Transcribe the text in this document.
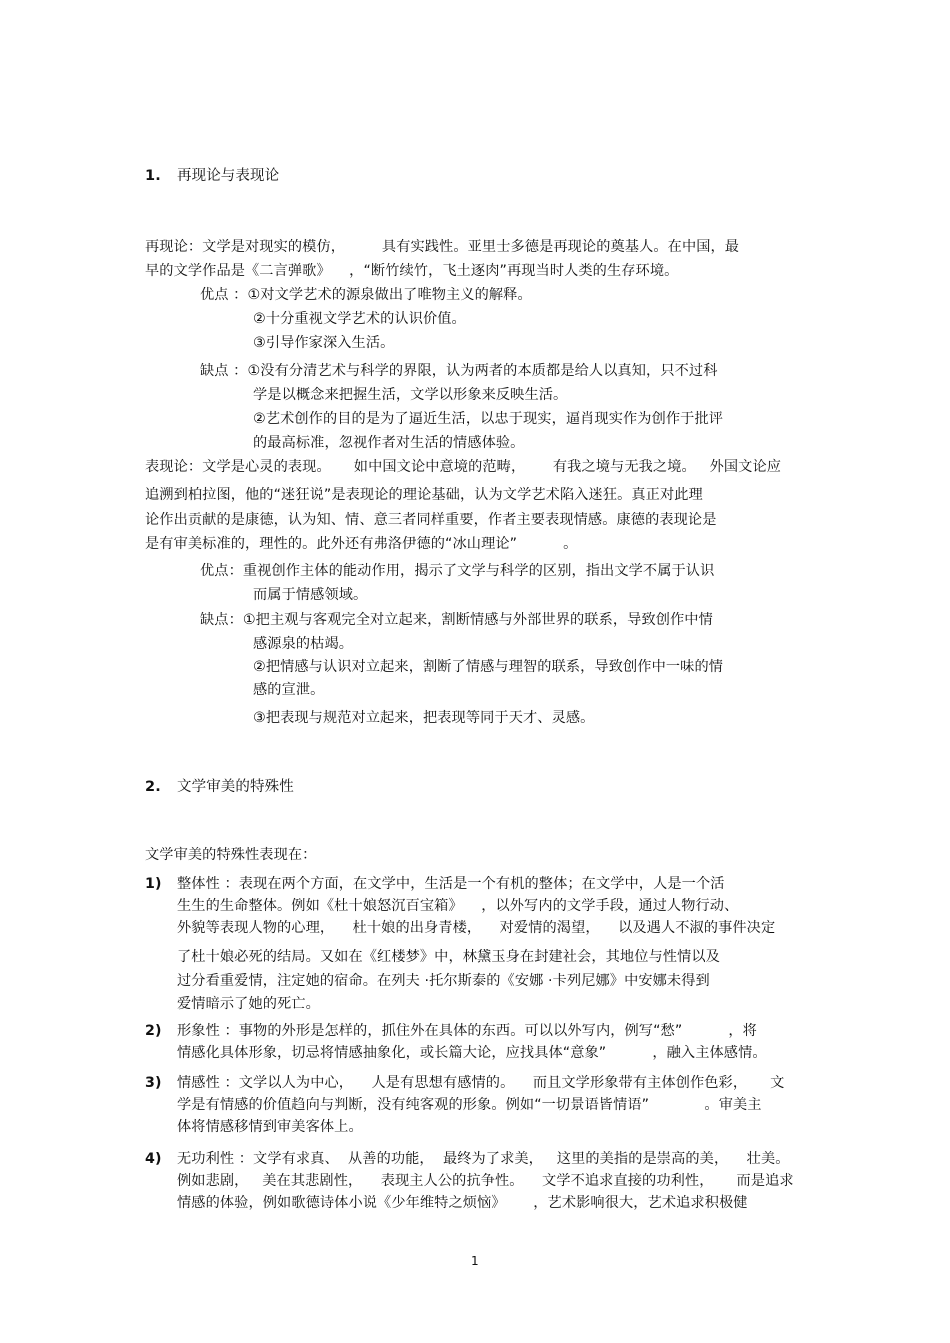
1. 再现论与表现论
再现论：文学是对现实的模仿，        具有实践性。亚里士多德是再现论的奠基人。在中国，最
早的文学作品是《二言弹歌》    ，“断竹续竹，飞土逐肉”再现当时人类的生存环境。
优点 ：①对文学艺术的源泉做出了唯物主义的解释。
②十分重视文学艺术的认识价值。
③引导作家深入生活。
缺点 ：①没有分清艺术与科学的界限，认为两者的本质都是给人以真知，只不过科
学是以概念来把握生活，文学以形象来反映生活。
②艺术创作的目的是为了逼近生活，以忠于现实，逼肖现实作为创作于批评
的最高标准，忽视作者对生活的情感体验。
表现论：文学是心灵的表现。     如中国文论中意境的范畴，      有我之境与无我之境。   外国文论应
追溯到柏拉图，他的“迷狂说”是表现论的理论基础，认为文学艺术陷入迷狂。真正对此理
论作出贡献的是康德，认为知、情、意三者同样重要，作者主要表现情感。康德的表现论是
是有审美标准的，理性的。此外还有弗洛伊德的“冰山理论”          。
优点：重视创作主体的能动作用，揭示了文学与科学的区别，指出文学不属于认识
而属于情感领域。
缺点：①把主观与客观完全对立起来，割断情感与外部世界的联系，导致创作中情
感源泉的枯竭。
②把情感与认识对立起来，割断了情感与理智的联系，导致创作中一味的情
感的宣泄。
③把表现与规范对立起来，把表现等同于天才、灵感。
2. 文学审美的特殊性
文学审美的特殊性表现在：
1) 整体性 ：表现在两个方面，在文学中，生活是一个有机的整体；在文学中，人是一个活
生生的生命整体。例如《杜十娘怒沉百宝箱》    ，以外写内的文学手段，通过人物行动、
外貌等表现人物的心理，    杜十娘的出身青楼，    对爱情的渴望，    以及遇人不淑的事件决定
了杜十娘必死的结局。又如在《红楼梦》中，林黛玉身在封建社会，其地位与性情以及
过分看重爱情，注定她的宿命。在列夫 ·托尔斯泰的《安娜 ·卡列尼娜》中安娜未得到
爱情暗示了她的死亡。
2) 形象性 ：事物的外形是怎样的，抓住外在具体的东西。可以以外写内，例写“愁”          ，将
情感化具体形象，切忌将情感抽象化，或长篇大论，应找具体“意象”          ，融入主体感情。
3) 情感性 ：文学以人为中心，    人是有思想有感情的。    而且文学形象带有主体创作色彩，     文
学是有情感的价值趋向与判断，没有纯客观的形象。例如“一切景语皆情语”            。审美主
体将情感移情到审美客体上。
4) 无功利性 ：文学有求真、  从善的功能，  最终为了求美，   这里的美指的是崇高的美，    壮美。
例如悲剧，   美在其悲剧性，    表现主人公的抗争性。    文学不追求直接的功利性，     而是追求
情感的体验，例如歌德诗体小说《少年维特之烦恼》      ，艺术影响很大，艺术追求积极健
1
